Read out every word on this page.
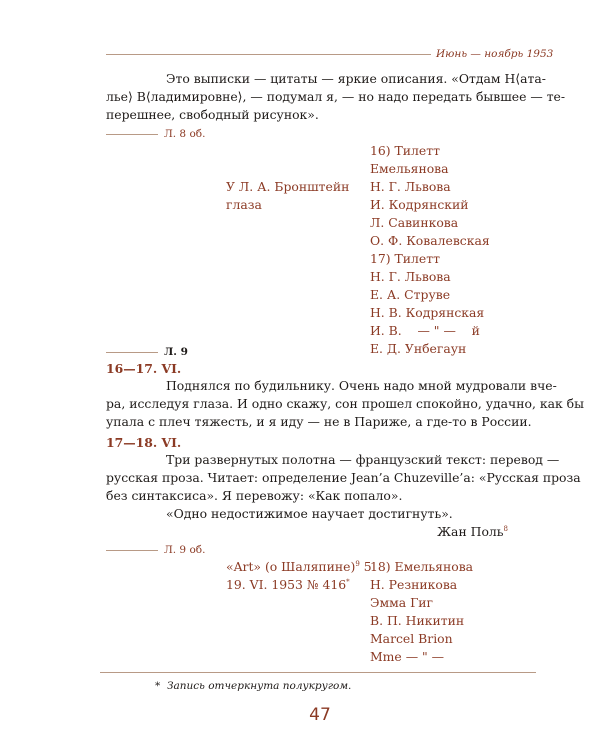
Июнь — ноябрь 1953
Это выписки — цитаты — яркие описания. «Отдам Н⟨ата-
лье⟩ В⟨ладимировне⟩, — подумал я, — но надо передать бывшее — те-
перешнее, свободный рисунок».
Л. 8 об.
У Л. А. Бронштейн
глаза
16) Тилетт
Емельянова
Н. Г. Львова
И. Кодрянский
Л. Савинкова
О. Ф. Ковалевская
17) Тилетт
Н. Г. Львова
Е. А. Струве
Н. В. Кодрянская
И. В.    — " —    й
Е. Д. Унбегаун
Л. 9
16—17. VI.
Поднялся по будильнику. Очень надо мной мудровали вче-
ра, исследуя глаза. И одно скажу, сон прошел спокойно, удачно, как бы
упала с плеч тяжесть, и я иду — не в Париже, а где-то в России.
17—18. VI.
Три развернутых полотна — французский текст: перевод —
русская проза. Читает: определение Jean’a Chuzeville’a: «Русская проза
без синтаксиса». Я перевожу: «Как попало».
«Одно недостижимое научает достигнуть».
Жан Поль$^8$
Л. 9 об.
«Art» (о Шаляпине)$^9$ 5
19. VI. 1953 № 416*
18) Емельянова
Н. Резникова
Эмма Гиг
В. П. Никитин
Marcel Brion
Mme — " —
* Запись отчеркнута полукругом.
47
